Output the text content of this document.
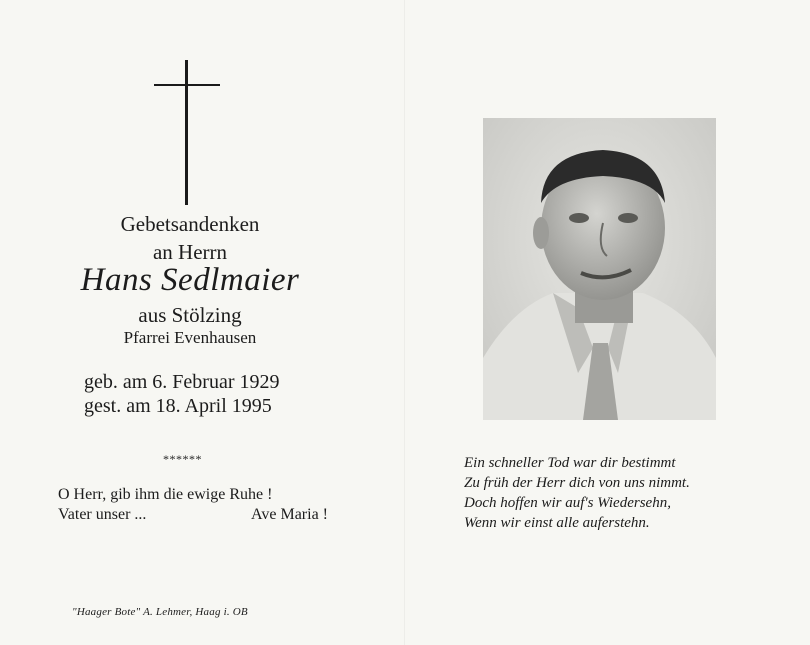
Gebetsandenken
an Herrn
Hans Sedlmaier
aus Stölzing
Pfarrei Evenhausen
geb. am 6. Februar 1929
gest. am 18. April 1995
******
O Herr, gib ihm die ewige Ruhe !
Vater unser ...	Ave Maria !
"Haager Bote" A. Lehmer, Haag i. OB
Ein schneller Tod war dir bestimmt
Zu früh der Herr dich von uns nimmt.
Doch hoffen wir auf's Wiedersehn,
Wenn wir einst alle auferstehn.
